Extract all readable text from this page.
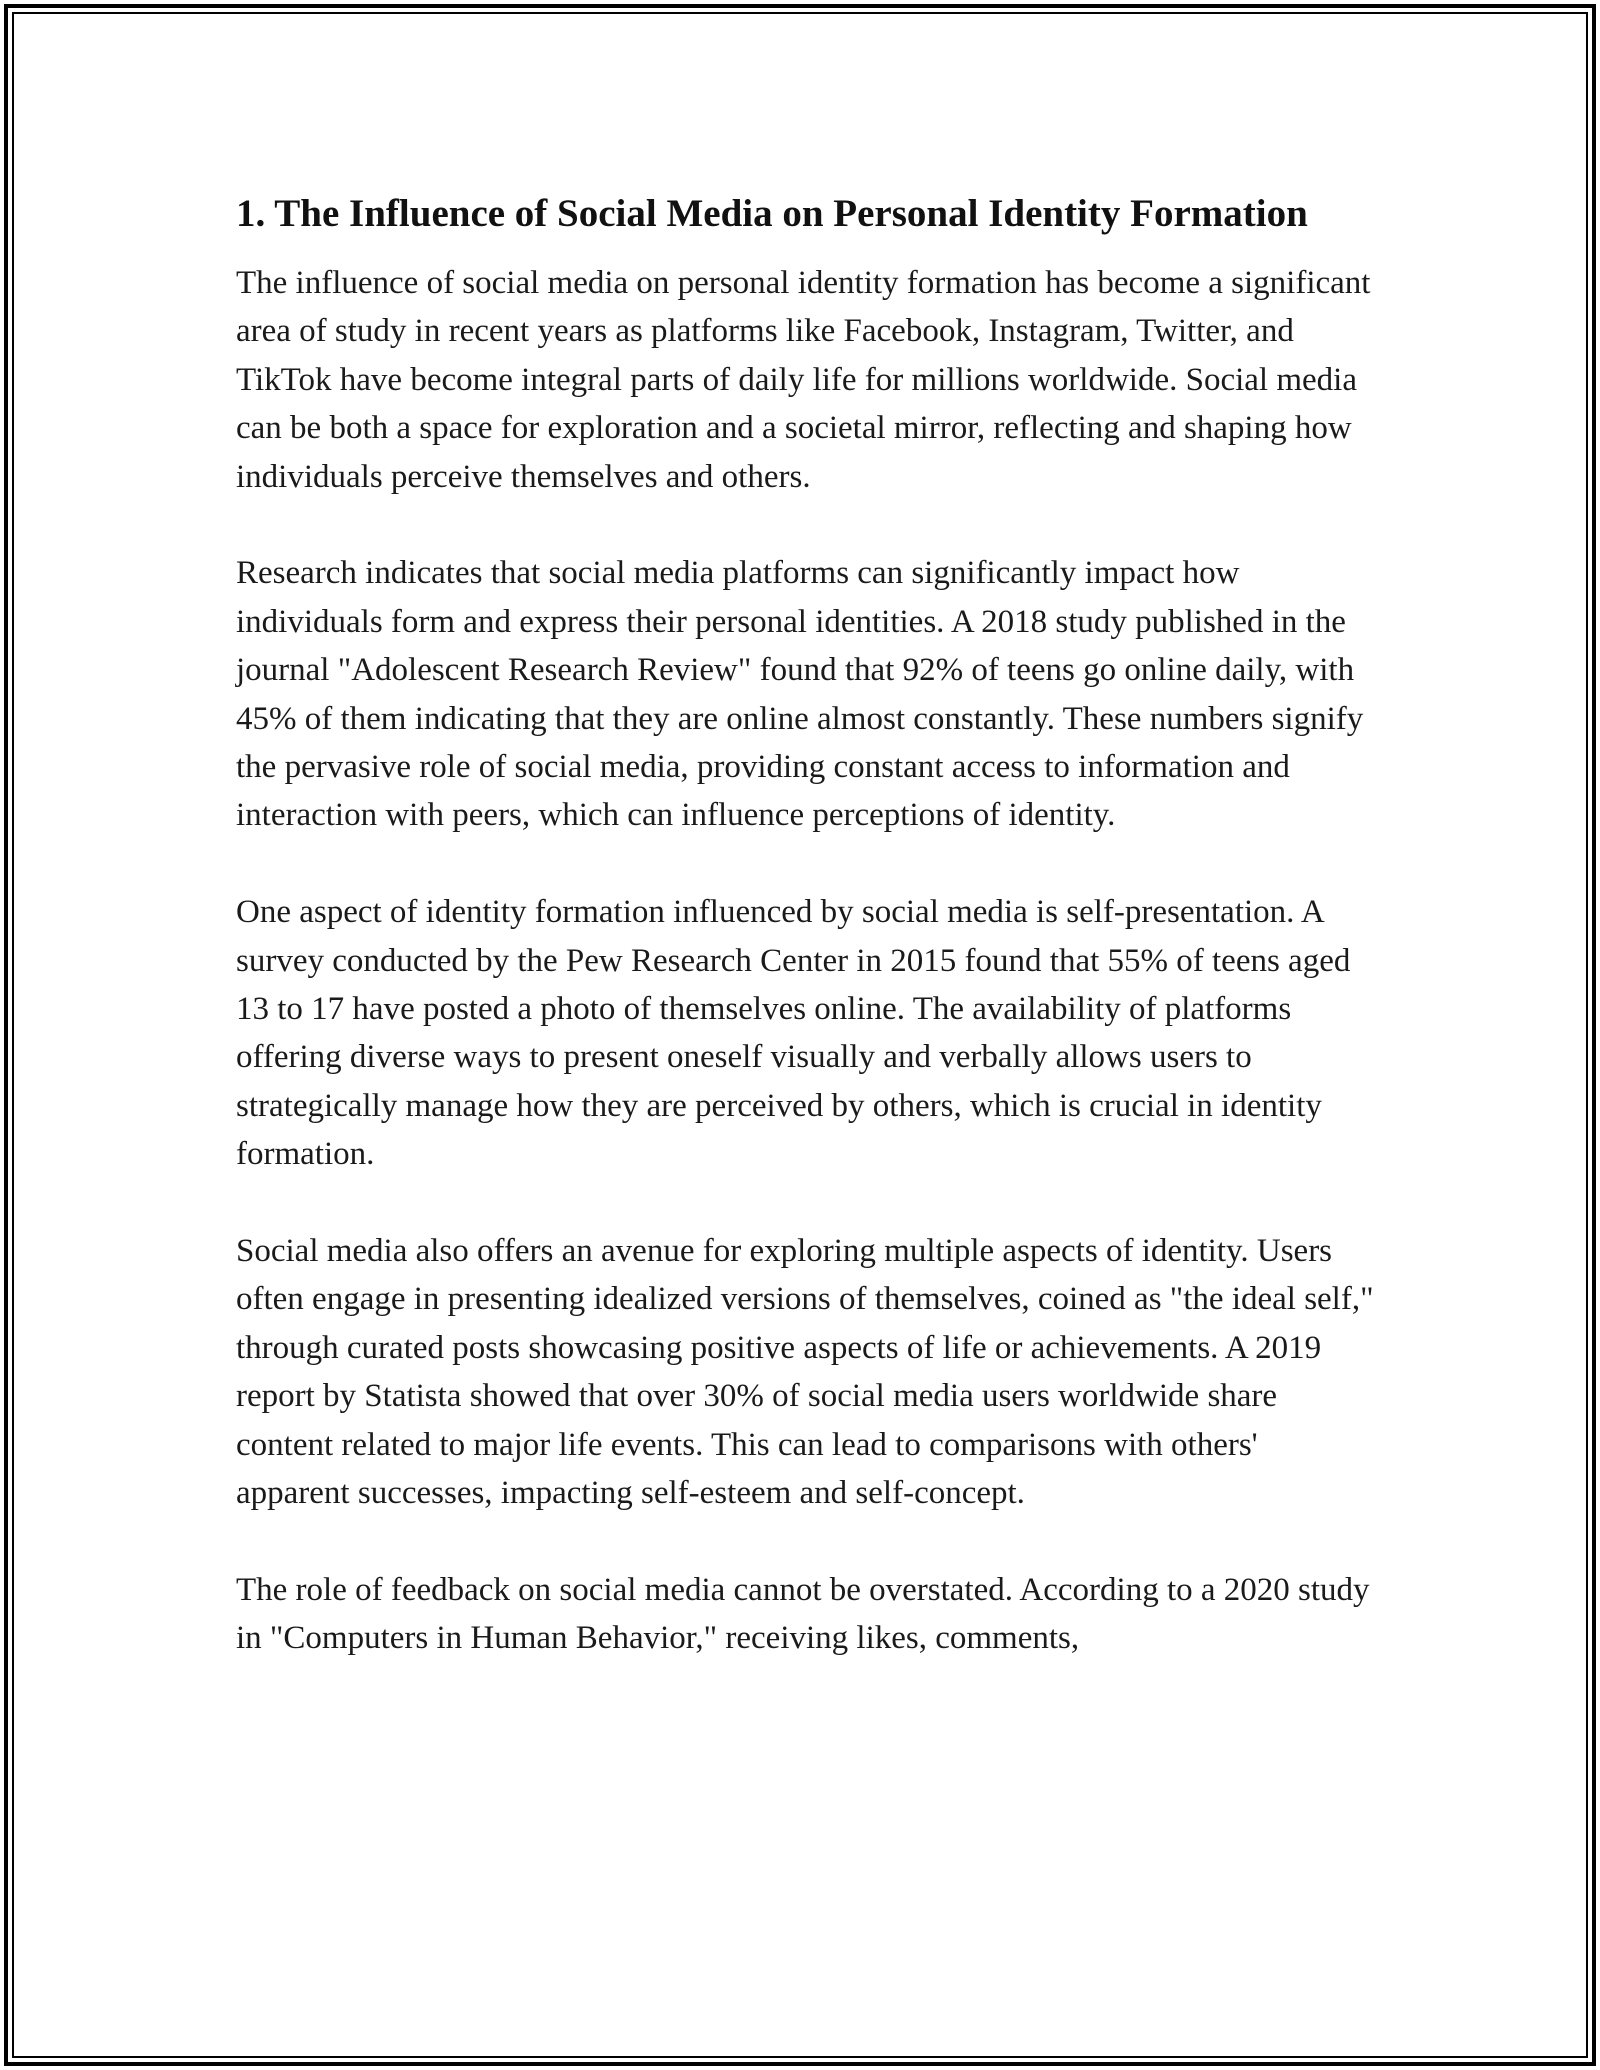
1. The Influence of Social Media on Personal Identity Formation

The influence of social media on personal identity formation has become a significant area of study in recent years as platforms like Facebook, Instagram, Twitter, and TikTok have become integral parts of daily life for millions worldwide. Social media can be both a space for exploration and a societal mirror, reflecting and shaping how individuals perceive themselves and others.

Research indicates that social media platforms can significantly impact how individuals form and express their personal identities. A 2018 study published in the journal "Adolescent Research Review" found that 92% of teens go online daily, with 45% of them indicating that they are online almost constantly. These numbers signify the pervasive role of social media, providing constant access to information and interaction with peers, which can influence perceptions of identity.

One aspect of identity formation influenced by social media is self-presentation. A survey conducted by the Pew Research Center in 2015 found that 55% of teens aged 13 to 17 have posted a photo of themselves online. The availability of platforms offering diverse ways to present oneself visually and verbally allows users to strategically manage how they are perceived by others, which is crucial in identity formation.

Social media also offers an avenue for exploring multiple aspects of identity. Users often engage in presenting idealized versions of themselves, coined as "the ideal self," through curated posts showcasing positive aspects of life or achievements. A 2019 report by Statista showed that over 30% of social media users worldwide share content related to major life events. This can lead to comparisons with others' apparent successes, impacting self-esteem and self-concept.

The role of feedback on social media cannot be overstated. According to a 2020 study in "Computers in Human Behavior," receiving likes, comments,
